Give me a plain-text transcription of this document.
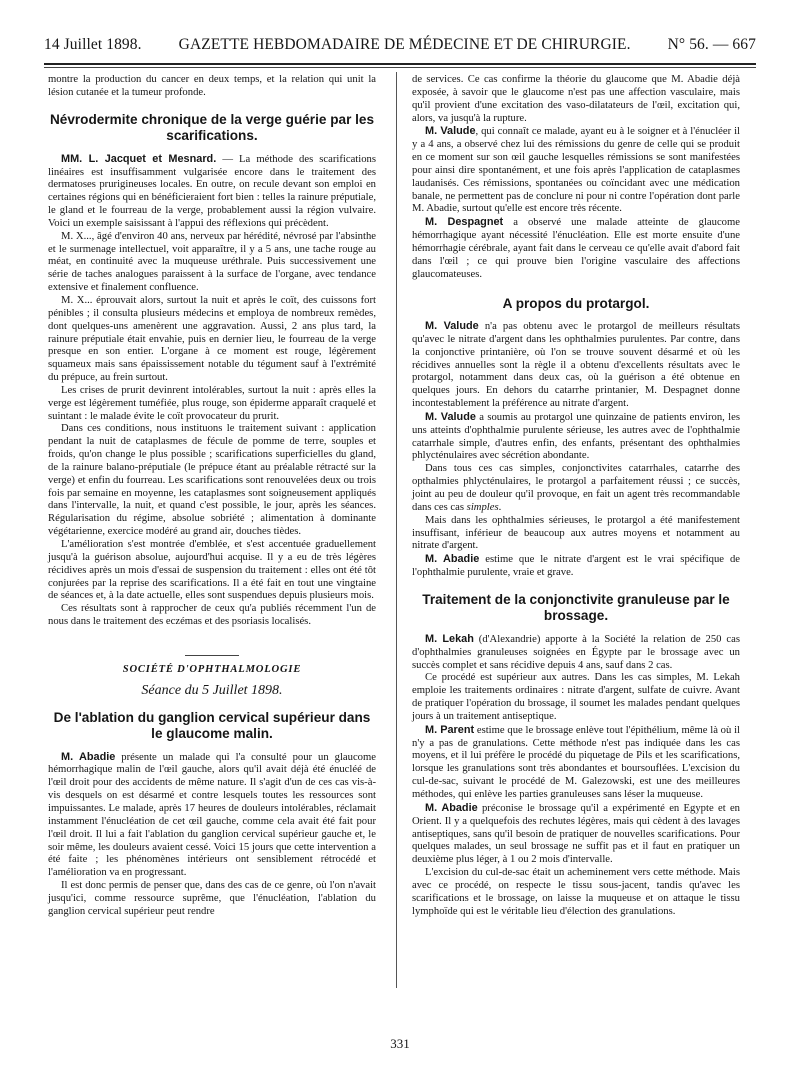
14 Juillet 1898. GAZETTE HEBDOMADAIRE DE MÉDECINE ET DE CHIRURGIE. N° 56. — 667

montre la production du cancer en deux temps, et la relation qui unit la lésion cutanée et la tumeur profonde.

Névrodermite chronique de la verge guérie par les scarifications.

MM. L. Jacquet et Mesnard. — La méthode des scarifications linéaires est insuffisamment vulgarisée encore dans le traitement des dermatoses prurigineuses locales. En outre, on recule devant son emploi en certaines régions qui en bénéficieraient fort bien : telles la rainure préputiale, le gland et le fourreau de la verge, probablement aussi la région vulvaire. Voici un exemple saisissant à l'appui des réflexions qui précèdent.

M. X..., âgé d'environ 40 ans, nerveux par hérédité, névrosé par l'absinthe et le surmenage intellectuel, voit apparaître, il y a 5 ans, une tache rouge au méat, en continuité avec la muqueuse uréthrale. Puis successivement une série de taches analogues paraissent à la surface de l'organe, avec tendance extensive et finalement confluence.

M. X... éprouvait alors, surtout la nuit et après le coït, des cuissons fort pénibles ; il consulta plusieurs médecins et employa de nombreux remèdes, dont quelques-uns amenèrent une aggravation. Aussi, 2 ans plus tard, la rainure préputiale était envahie, puis en dernier lieu, le fourreau de la verge presque en son entier. L'organe à ce moment est rouge, légèrement squameux mais sans épaississement notable du tégument sauf à l'extrémité du prépuce, au frein surtout.

Les crises de prurit devinrent intolérables, surtout la nuit : après elles la verge est légèrement tuméfiée, plus rouge, son épiderme apparaît craquelé et suintant : le malade évite le coït provocateur du prurit.

Dans ces conditions, nous instituons le traitement suivant : application pendant la nuit de cataplasmes de fécule de pomme de terre, souples et froids, qu'on change le plus possible ; scarifications superficielles du gland, de la rainure balano-préputiale (le prépuce étant au préalable rétracté sur la verge) et enfin du fourreau. Les scarifications sont renouvelées deux ou trois fois par semaine en moyenne, les cataplasmes sont soigneusement appliqués dans l'intervalle, la nuit, et quand c'est possible, le jour, après les séances. Régularisation du régime, absolue sobriété ; alimentation à dominante végétarienne, exercice modéré au grand air, douches tièdes.

L'amélioration s'est montrée d'emblée, et s'est accentuée graduellement jusqu'à la guérison absolue, aujourd'hui acquise. Il y a eu de très légères récidives après un mois d'essai de suspension du traitement : elles ont été tôt conjurées par la reprise des scarifications. Il a été fait en tout une vingtaine de séances et, à la date actuelle, elles sont suspendues depuis plusieurs mois.

Ces résultats sont à rapprocher de ceux qu'a publiés récemment l'un de nous dans le traitement des eczémas et des psoriasis localisés.

SOCIÉTÉ D'OPHTHALMOLOGIE
Séance du 5 Juillet 1898.
De l'ablation du ganglion cervical supérieur dans le glaucome malin.

M. Abadie présente un malade qui l'a consulté pour un glaucome hémorrhagique malin de l'œil gauche, alors qu'il avait déjà été énucléé de l'œil droit pour des accidents de même nature. Il s'agit d'un de ces cas vis-à-vis desquels on est désarmé et contre lesquels toutes les ressources sont impuissantes. Le malade, après 17 heures de douleurs intolérables, réclamait instamment l'énucléation de cet œil gauche, comme cela avait été fait pour l'œil droit. Il lui a fait l'ablation du ganglion cervical supérieur gauche et, le soir même, les douleurs avaient cessé. Voici 15 jours que cette intervention a été faite ; les phénomènes intérieurs ont sensiblement rétrocédé et l'amélioration va en progressant.

Il est donc permis de penser que, dans des cas de ce genre, où l'on n'avait jusqu'ici, comme ressource suprême, que l'énucléation, l'ablation du ganglion cervical supérieur peut rendre

de services. Ce cas confirme la théorie du glaucome que M. Abadie déjà exposée, à savoir que le glaucome n'est pas une affection vasculaire, mais qu'il provient d'une excitation des vaso-dilatateurs de l'œil, excitation qui, alors, va jusqu'à la rupture.

M. Valude, qui connaît ce malade, ayant eu à le soigner et à l'énucléer il y a 4 ans, a observé chez lui des rémissions du genre de celle qui se produit en ce moment sur son œil gauche lesquelles rémissions se sont manifestées pour ainsi dire spontanément, et une fois après l'application de cataplasmes laudanisés. Ces rémissions, spontanées ou coïncidant avec une médication banale, ne permettent pas de conclure ni pour ni contre l'opération dont parle M. Abadie, surtout qu'elle est encore très récente.

M. Despagnet a observé une malade atteinte de glaucome hémorrhagique ayant nécessité l'énucléation. Elle est morte ensuite d'une hémorrhagie cérébrale, ayant fait dans le cerveau ce qu'elle avait d'abord fait dans l'œil ; ce qui prouve bien l'origine vasculaire des affections glaucomateuses.

A propos du protargol.

M. Valude n'a pas obtenu avec le protargol de meilleurs résultats qu'avec le nitrate d'argent dans les ophthalmies purulentes. Par contre, dans la conjonctive printanière, où l'on se trouve souvent désarmé et où les récidives annuelles sont la règle il a obtenu d'excellents résultats avec le protargol, notamment dans deux cas, où la guérison a été obtenue en quelques jours. En dehors du catarrhe printanier, M. Despagnet donne incontestablement la préférence au nitrate d'argent.

M. Valude a soumis au protargol une quinzaine de patients environ, les uns atteints d'ophthalmie purulente sérieuse, les autres avec de l'ophthalmie catarrhale simple, d'autres enfin, des enfants, présentant des ophthalmies phlycténulaires avec sécrétion abondante.

Dans tous ces cas simples, conjonctivites catarrhales, catarrhe des opthalmies phlycténulaires, le protargol a parfaitement réussi ; ce succès, joint au peu de douleur qu'il provoque, en fait un agent très recommandable dans ces cas simples.

Mais dans les ophthalmies sérieuses, le protargol a été manifestement insuffisant, inférieur de beaucoup aux autres moyens et notamment au nitrate d'argent.

M. Abadie estime que le nitrate d'argent est le vrai spécifique de l'ophthalmie purulente, vraie et grave.

Traitement de la conjonctivite granuleuse par le brossage.

M. Lekah (d'Alexandrie) apporte à la Société la relation de 250 cas d'ophthalmies granuleuses soignées en Égypte par le brossage avec un succès complet et sans récidive depuis 4 ans, sauf dans 2 cas.

Ce procédé est supérieur aux autres. Dans les cas simples, M. Lekah emploie les traitements ordinaires : nitrate d'argent, sulfate de cuivre. Avant de pratiquer l'opération du brossage, il soumet les malades pendant quelques jours à un traitement antiseptique.

M. Parent estime que le brossage enlève tout l'épithélium, même là où il n'y a pas de granulations. Cette méthode n'est pas indiquée dans les cas moyens, et il lui préfère le procédé du piquetage de Pils et les scarifications, lorsque les granulations sont très abondantes et boursouflées. L'excision du cul-de-sac, suivant le procédé de M. Galezowski, est une des meilleures méthodes, qui enlève les parties granuleuses sans léser la muqueuse.

M. Abadie préconise le brossage qu'il a expérimenté en Egypte et en Orient. Il y a quelquefois des rechutes légères, mais qui cèdent à des lavages antiseptiques, sans qu'il besoin de pratiquer de nouvelles scarifications. Pour quelques malades, un seul brossage ne suffit pas et il faut en pratiquer un deuxième plus léger, à 1 ou 2 mois d'intervalle.

L'excision du cul-de-sac était un acheminement vers cette méthode. Mais avec ce procédé, on respecte le tissu sous-jacent, tandis qu'avec les scarifications et le brossage, on laisse la muqueuse et on attaque le tissu lymphoïde qui est le véritable lieu d'élection des granulations.

331
